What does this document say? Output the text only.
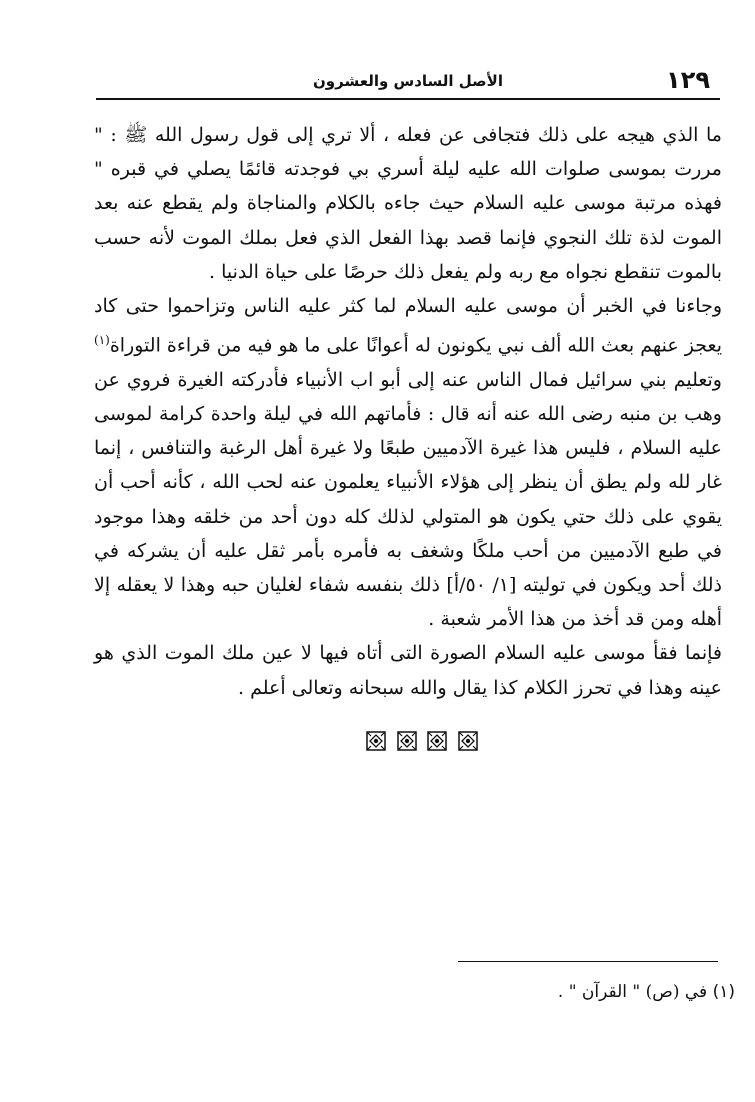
١٢٩
الأصل السادس والعشرون

ما الذي هيجه على ذلك فتجافى عن فعله ، ألا تري إلى قول رسول الله ﷺ : " مررت بموسى صلوات الله عليه ليلة أسري بي فوجدته قائمًا يصلي في قبره " فهذه مرتبة موسى عليه السلام حيث جاءه بالكلام والمناجاة ولم يقطع عنه بعد الموت لذة تلك النجوي فإنما قصد بهذا الفعل الذي فعل بملك الموت لأنه حسب بالموت تنقطع نجواه مع ربه ولم يفعل ذلك حرصًا على حياة الدنيا .

وجاءنا في الخبر أن موسى عليه السلام لما كثر عليه الناس وتزاحموا حتى كاد يعجز عنهم بعث الله ألف نبي يكونون له أعوانًا على ما هو فيه من قراءة التوراة$^{(١)}$ وتعليم بني سرائيل فمال الناس عنه إلى أبو اب الأنبياء فأدركته الغيرة فروي عن وهب بن منبه رضى الله عنه أنه قال : فأماتهم الله في ليلة واحدة كرامة لموسى عليه السلام ، فليس هذا غيرة الآدميين طبعًا ولا غيرة أهل الرغبة والتنافس ، إنما غار لله ولم يطق أن ينظر إلى هؤلاء الأنبياء يعلمون عنه لحب الله ، كأنه أحب أن يقوي على ذلك حتي يكون هو المتولي لذلك كله دون أحد من خلقه وهذا موجود في طبع الآدميين من أحب ملكًا وشغف به فأمره بأمر ثقل عليه أن يشركه في ذلك أحد ويكون في توليته [١/ ٥٠/أ] ذلك بنفسه شفاء لغليان حبه وهذا لا يعقله إلا أهله ومن قد أخذ من هذا الأمر شعبة .

فإنما فقأ موسى عليه السلام الصورة التى أتاه فيها لا عين ملك الموت الذي هو عينه وهذا في تحرز الكلام كذا يقال والله سبحانه وتعالى أعلم .

(١) في (ص) " القرآن " .
